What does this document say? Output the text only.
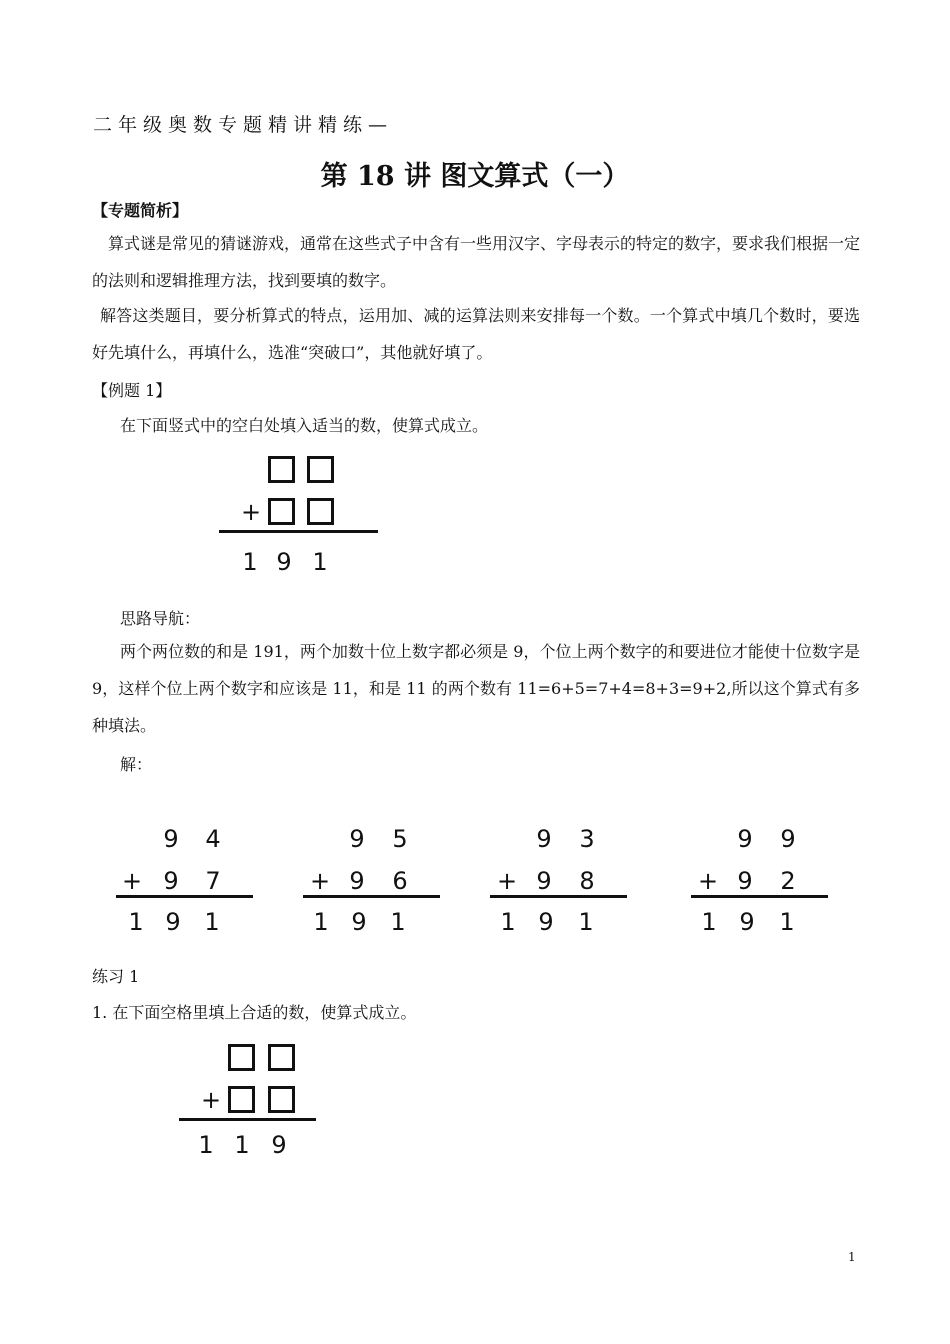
二年级奥数专题精讲精练—
第 18 讲 图文算式（一）
【专题简析】
算式谜是常见的猜谜游戏，通常在这些式子中含有一些用汉字、字母表示的特定的数字，要求我们根据一定的法则和逻辑推理方法，找到要填的数字。
解答这类题目，要分析算式的特点，运用加、减的运算法则来安排每一个数。一个算式中填几个数时，要选好先填什么，再填什么，选准“突破口”，其他就好填了。
【例题 1】
在下面竖式中的空白处填入适当的数，使算式成立。
+
1 9 1
思路导航：
两个两位数的和是 191，两个加数十位上数字都必须是 9，个位上两个数字的和要进位才能使十位数字是 9，这样个位上两个数字和应该是 11，和是 11 的两个数有 11=6+5=7+4=8+3=9+2,所以这个算式有多种填法。
解：
9 4
+ 9 7
1 9 1
9 5
+ 9 6
1 9 1
9 3
+ 9 8
1 9 1
9 9
+ 9 2
1 9 1
练习 1
1. 在下面空格里填上合适的数，使算式成立。
+
1 1 9
1
